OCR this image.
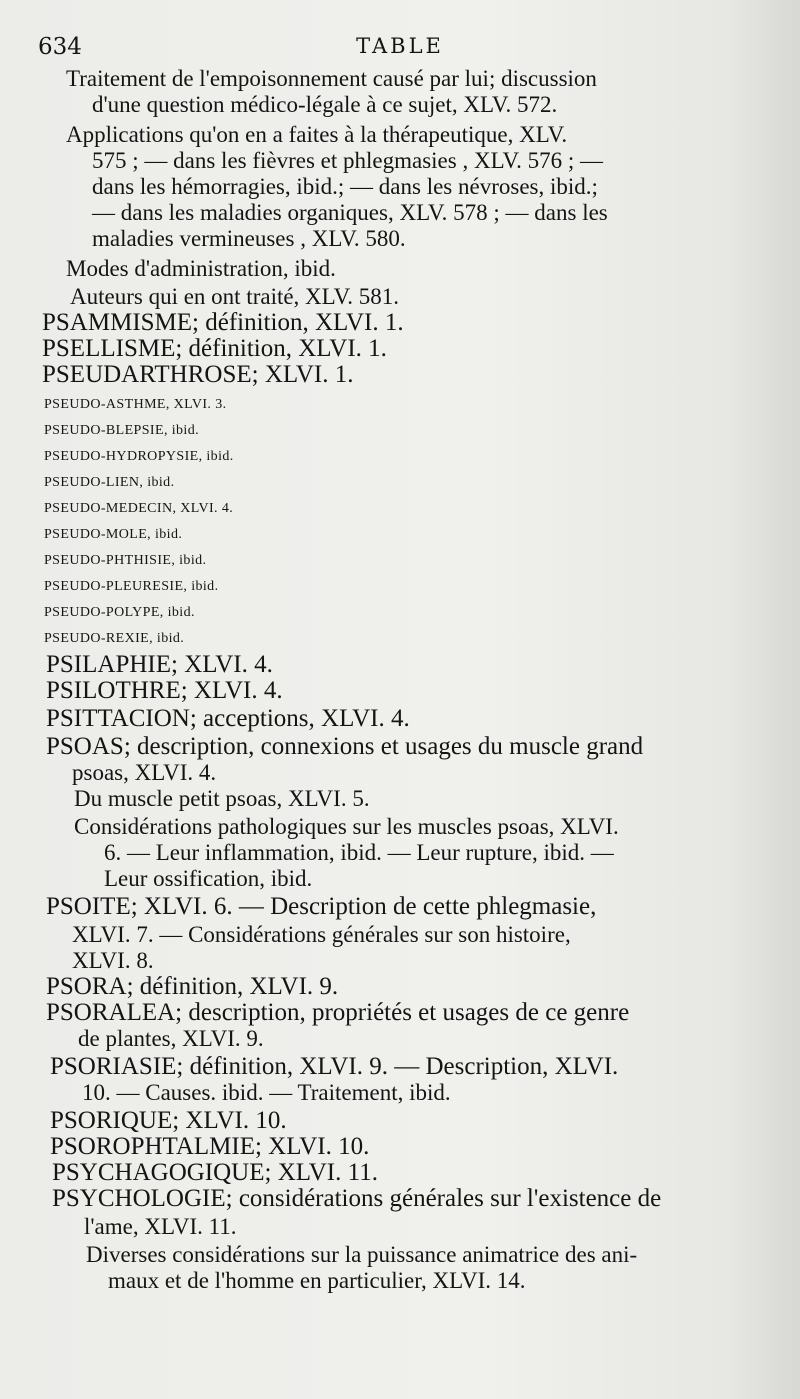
634	TABLE
Traitement de l'empoisonnement causé par lui; discussion
d'une question médico-légale à ce sujet, XLV. 572.
Applications qu'on en a faites à la thérapeutique, XLV.
575 ; — dans les fièvres et phlegmasies , XLV. 576 ; —
dans les hémorragies, ibid.; — dans les névroses, ibid.;
— dans les maladies organiques, XLV. 578 ; — dans les
maladies vermineuses , XLV. 580.
Modes d'administration, ibid.
Auteurs qui en ont traité, XLV. 581.
PSAMMISME; définition, XLVI. 1.
PSELLISME; définition, XLVI. 1.
PSEUDARTHROSE; XLVI. 1.
PSEUDO-ASTHME, XLVI. 3.
PSEUDO-BLEPSIE, ibid.
PSEUDO-HYDROPYSIE, ibid.
PSEUDO-LIEN, ibid.
PSEUDO-MEDECIN, XLVI. 4.
PSEUDO-MOLE, ibid.
PSEUDO-PHTHISIE, ibid.
PSEUDO-PLEURESIE, ibid.
PSEUDO-POLYPE, ibid.
PSEUDO-REXIE, ibid.
PSILAPHIE; XLVI. 4.
PSILOTHRE; XLVI. 4.
PSITTACION; acceptions, XLVI. 4.
PSOAS; description, connexions et usages du muscle grand
psoas, XLVI. 4.
Du muscle petit psoas, XLVI. 5.
Considérations pathologiques sur les muscles psoas, XLVI.
6. — Leur inflammation, ibid. — Leur rupture, ibid. —
Leur ossification, ibid.
PSOITE; XLVI. 6. — Description de cette phlegmasie,
XLVI. 7. — Considérations générales sur son histoire,
XLVI. 8.
PSORA; définition, XLVI. 9.
PSORALEA; description, propriétés et usages de ce genre
de plantes, XLVI. 9.
PSORIASIE; définition, XLVI. 9. — Description, XLVI.
10. — Causes. ibid. — Traitement, ibid.
PSORIQUE; XLVI. 10.
PSOROPHTALMIE; XLVI. 10.
PSYCHAGOGIQUE; XLVI. 11.
PSYCHOLOGIE; considérations générales sur l'existence de
l'ame, XLVI. 11.
Diverses considérations sur la puissance animatrice des ani-
maux et de l'homme en particulier, XLVI. 14.
